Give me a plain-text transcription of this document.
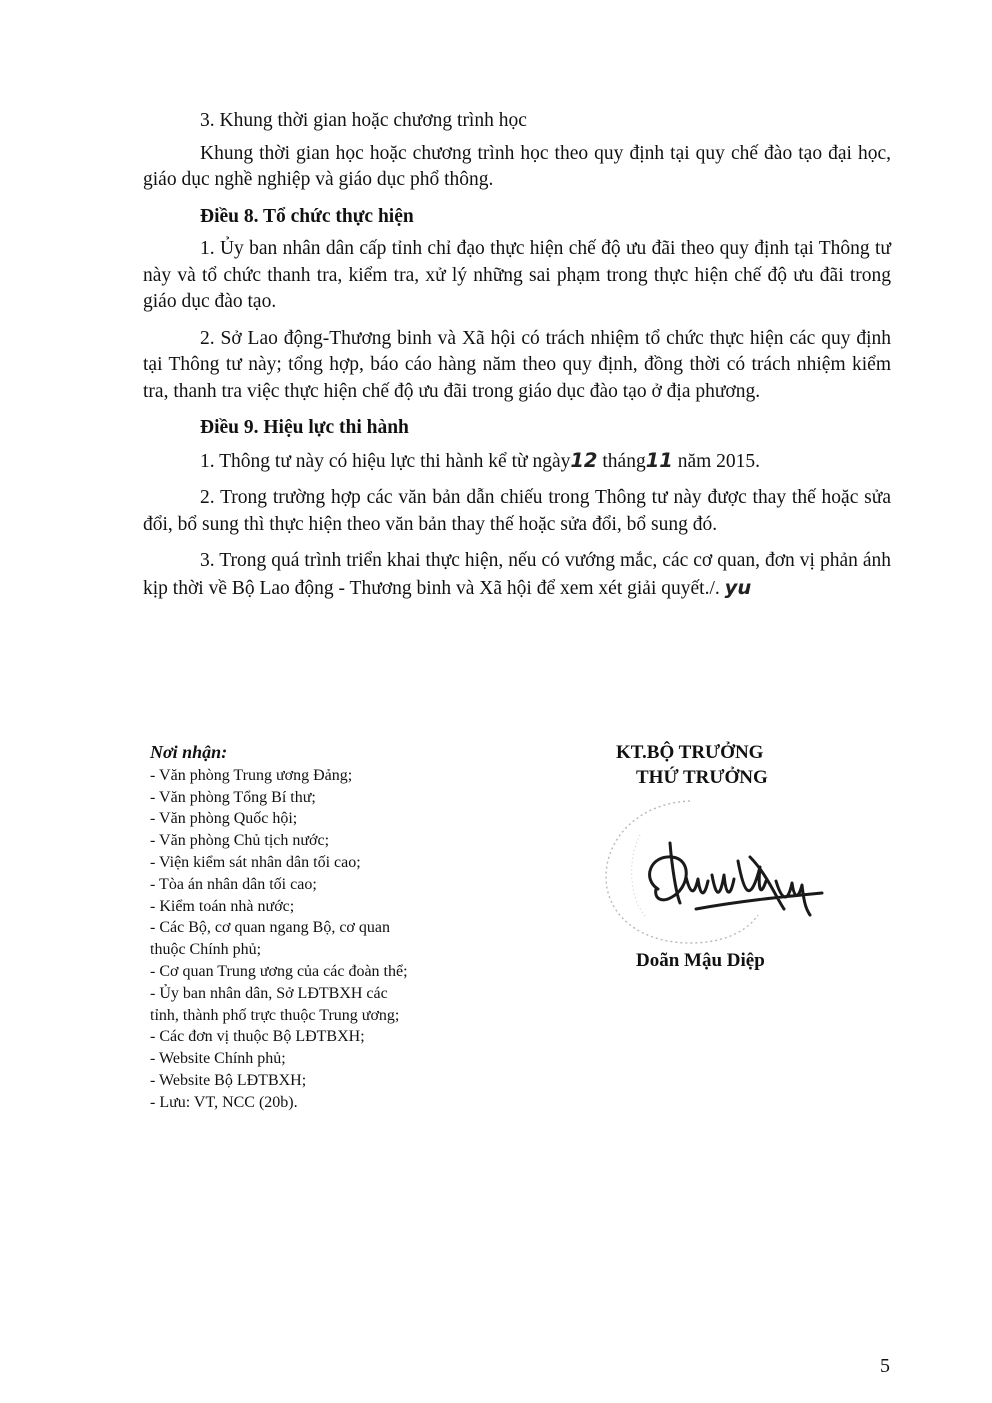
3. Khung thời gian hoặc chương trình học

Khung thời gian học hoặc chương trình học theo quy định tại quy chế đào tạo đại học, giáo dục nghề nghiệp và giáo dục phổ thông.

Điều 8. Tổ chức thực hiện

1. Ủy ban nhân dân cấp tỉnh chỉ đạo thực hiện chế độ ưu đãi theo quy định tại Thông tư này và tổ chức thanh tra, kiểm tra, xử lý những sai phạm trong thực hiện chế độ ưu đãi trong giáo dục đào tạo.

2. Sở Lao động-Thương binh và Xã hội có trách nhiệm tổ chức thực hiện các quy định tại Thông tư này; tổng hợp, báo cáo hàng năm theo quy định, đồng thời có trách nhiệm kiểm tra, thanh tra việc thực hiện chế độ ưu đãi trong giáo dục đào tạo ở địa phương.

Điều 9. Hiệu lực thi hành

1. Thông tư này có hiệu lực thi hành kể từ ngày12 tháng11 năm 2015.

2. Trong trường hợp các văn bản dẫn chiếu trong Thông tư này được thay thế hoặc sửa đổi, bổ sung thì thực hiện theo văn bản thay thế hoặc sửa đổi, bổ sung đó.

3. Trong quá trình triển khai thực hiện, nếu có vướng mắc, các cơ quan, đơn vị phản ánh kịp thời về Bộ Lao động - Thương binh và Xã hội để xem xét giải quyết./. yu

Nơi nhận:
- Văn phòng Trung ương Đảng;
- Văn phòng Tổng Bí thư;
- Văn phòng Quốc hội;
- Văn phòng Chủ tịch nước;
- Viện kiểm sát nhân dân tối cao;
- Tòa án nhân dân tối cao;
- Kiểm toán nhà nước;
- Các Bộ, cơ quan ngang Bộ, cơ quan
thuộc Chính phủ;
- Cơ quan Trung ương của các đoàn thể;
- Ủy ban nhân dân, Sở LĐTBXH các
tỉnh, thành phố trực thuộc Trung ương;
- Các đơn vị thuộc Bộ LĐTBXH;
- Website Chính phủ;
- Website Bộ LĐTBXH;
- Lưu: VT, NCC (20b).
KT.BỘ TRƯỞNG
THỨ TRƯỞNG
Doãn Mậu Diệp
5
